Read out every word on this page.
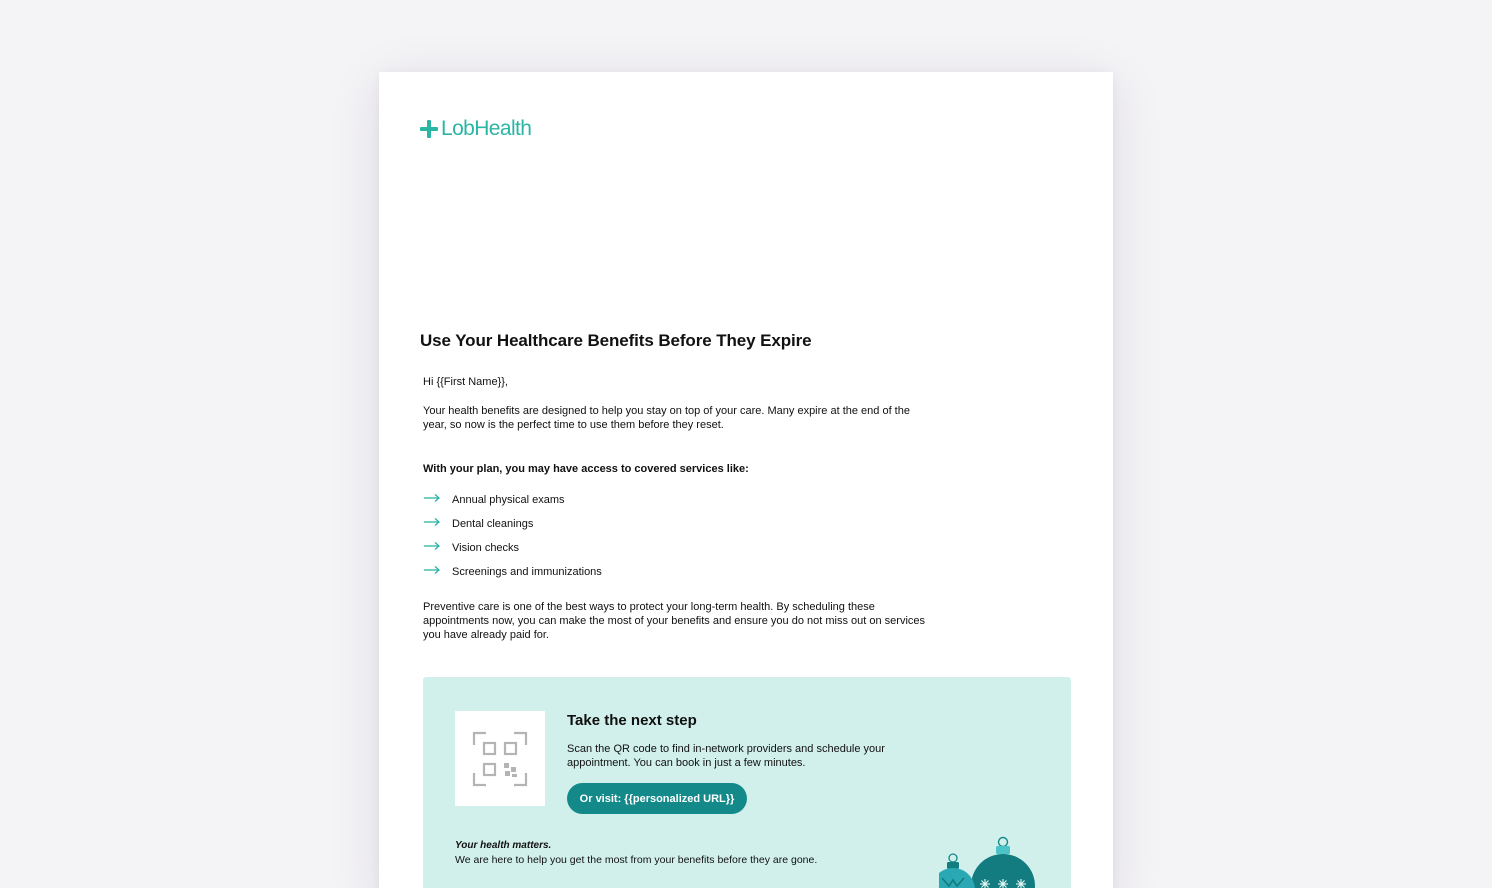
LobHealth
Use Your Healthcare Benefits Before They Expire

Hi {{First Name}},

Your health benefits are designed to help you stay on top of your care. Many expire at the end of the year, so now is the perfect time to use them before they reset.

With your plan, you may have access to covered services like:

Annual physical exams
Dental cleanings
Vision checks
Screenings and immunizations

Preventive care is one of the best ways to protect your long-term health. By scheduling these appointments now, you can make the most of your benefits and ensure you do not miss out on services you have already paid for.

Take the next step

Scan the QR code to find in-network providers and schedule your appointment. You can book in just a few minutes.

Or visit: {{personalized URL}}

Your health matters.

We are here to help you get the most from your benefits before they are gone.
